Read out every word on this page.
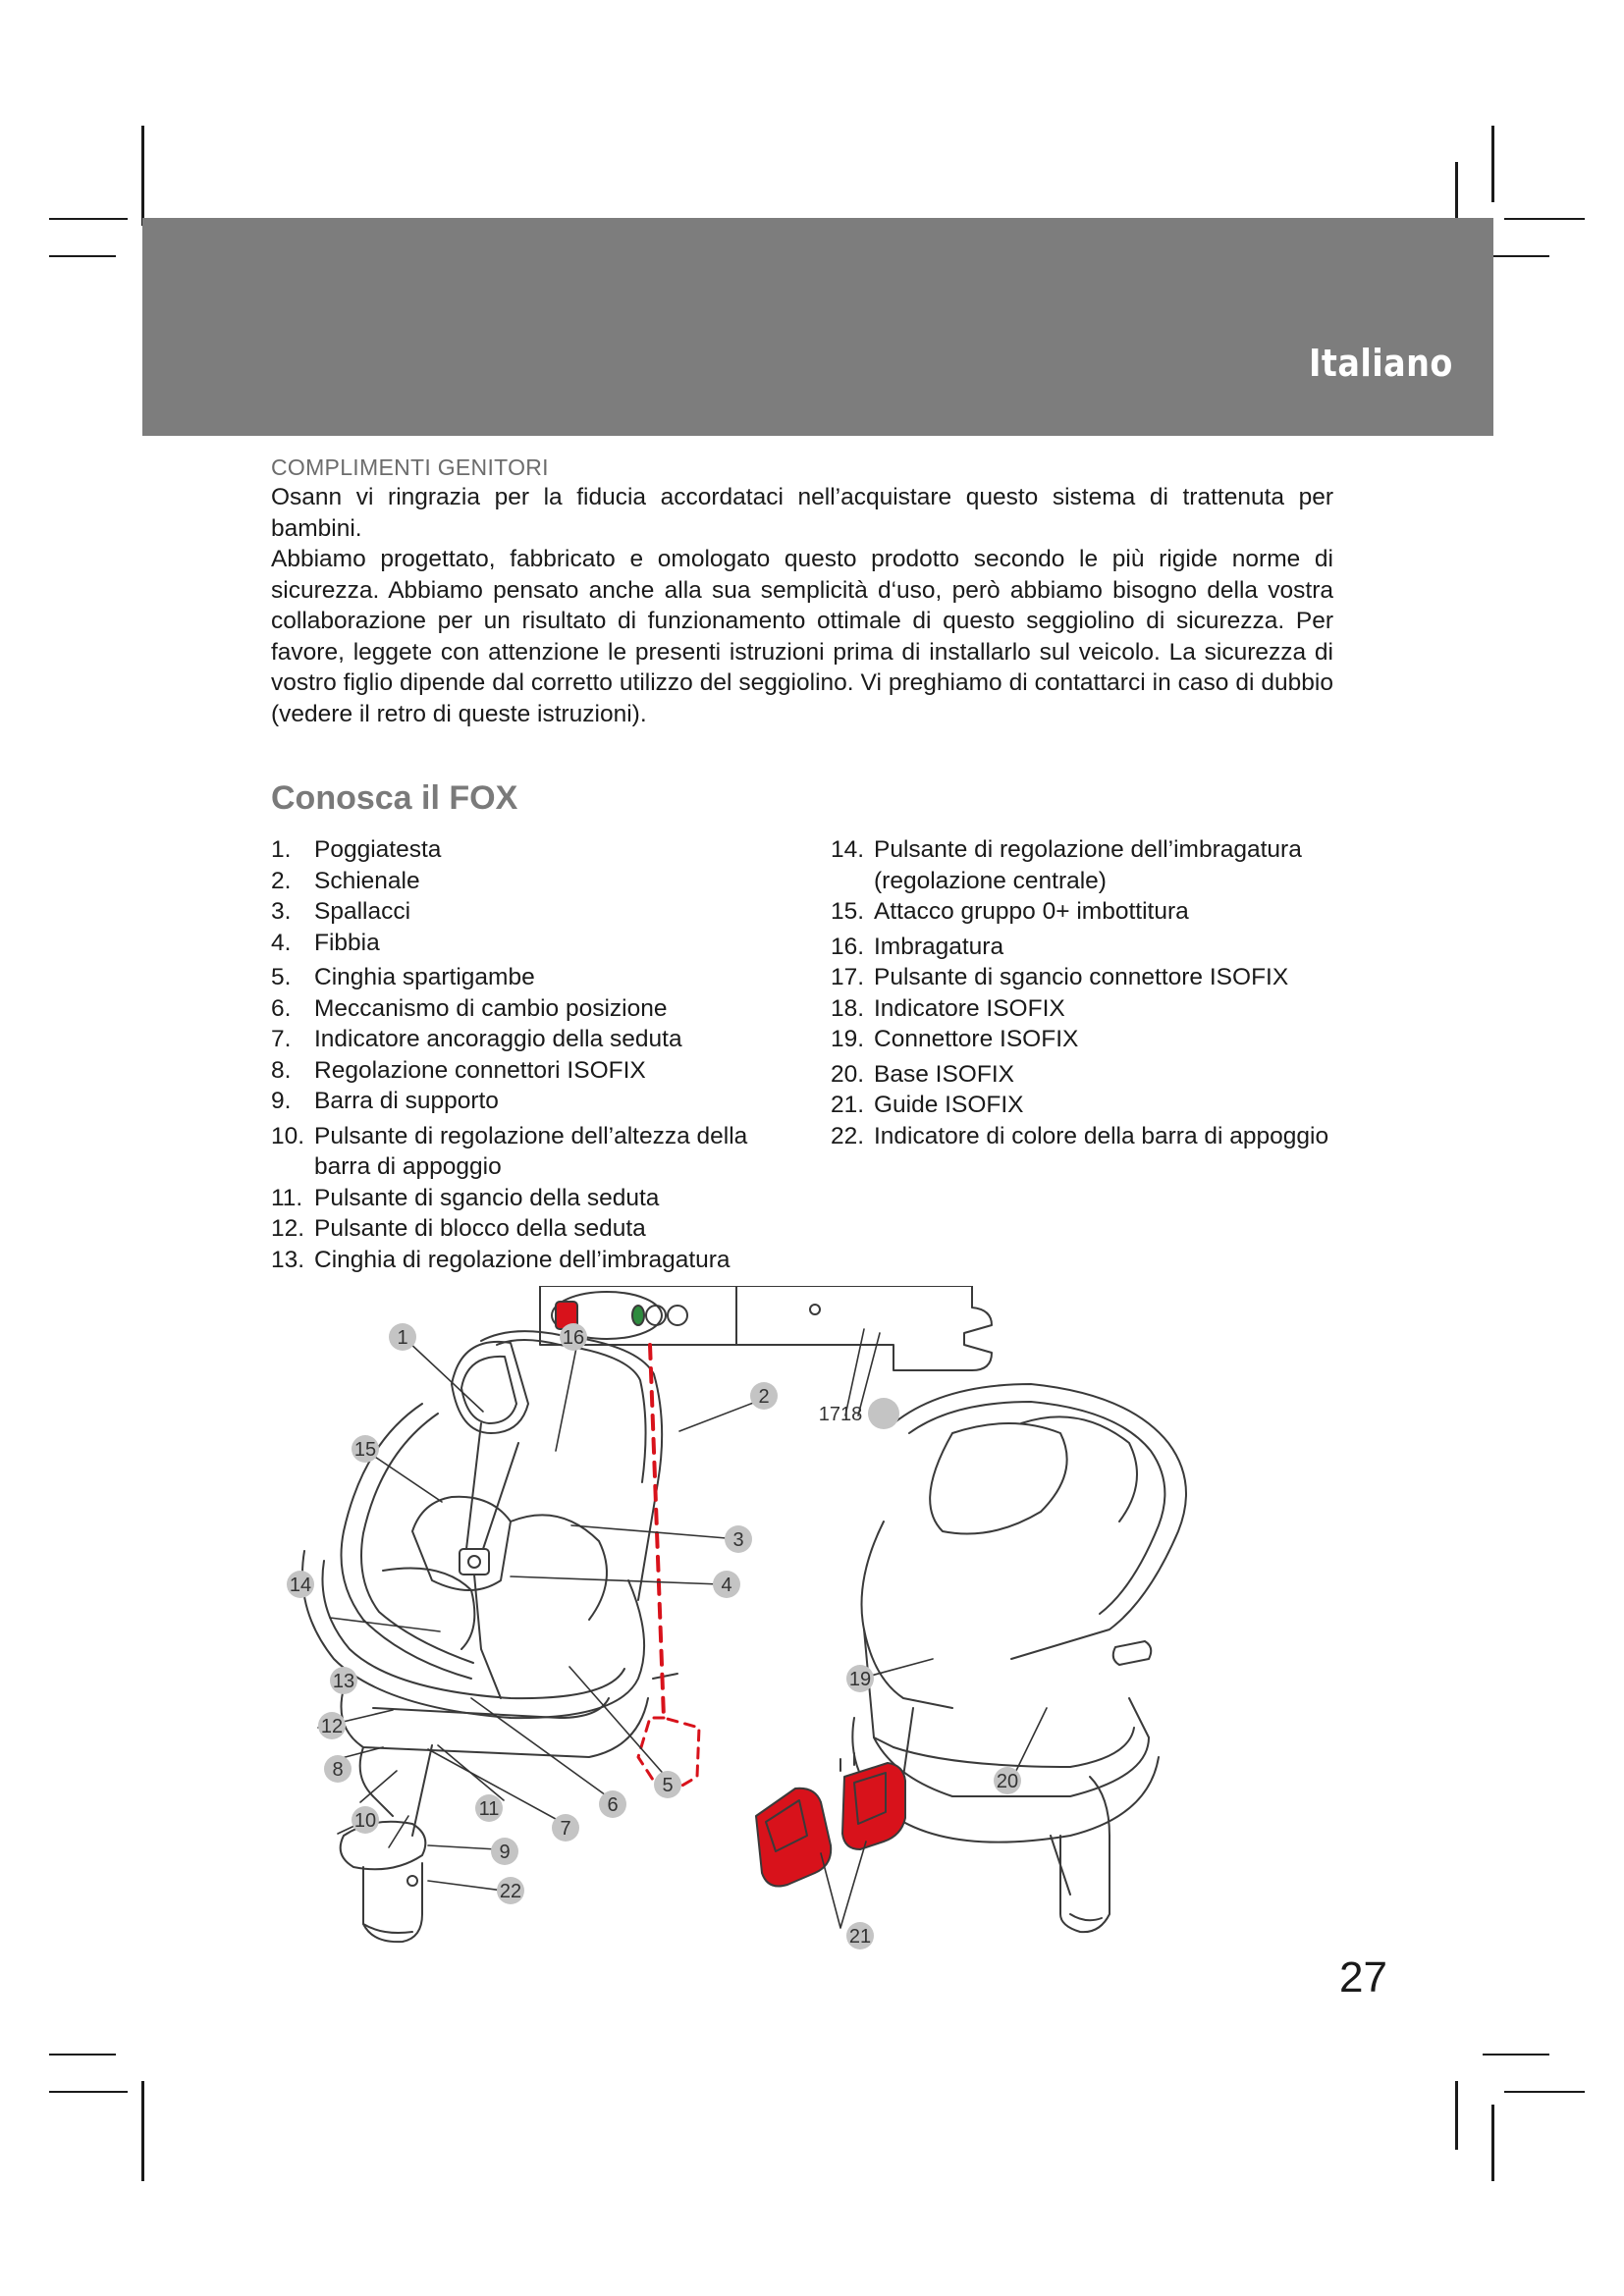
Italiano
COMPLIMENTI GENITORI

Osann vi ringrazia per la fiducia accordataci nell’acquistare questo sistema di trattenuta per bambini.

Abbiamo progettato, fabbricato e omologato questo prodotto secondo le più rigide norme di sicurezza. Abbiamo pensato anche alla sua semplicità d‘uso, però abbiamo bisogno della vostra collaborazione per un risultato di funzionamento ottimale di questo seggiolino di sicurezza. Per favore, leggete con attenzione le presenti istruzioni prima di installarlo sul veicolo. La sicurezza di vostro figlio dipende dal corretto utilizzo del seggiolino. Vi preghiamo di contattarci in caso di dubbio (vedere il retro di queste istruzioni).

Conosca il FOX
1. Poggiatesta
2. Schienale
3. Spallacci
4. Fibbia
5. Cinghia spartigambe
6. Meccanismo di cambio posizione
7. Indicatore ancoraggio della seduta
8. Regolazione connettori ISOFIX
9. Barra di supporto
10. Pulsante di regolazione dell’altezza della barra di appoggio
11. Pulsante di sgancio della seduta
12. Pulsante di blocco della seduta
13. Cinghia di regolazione dell’imbragatura
14. Pulsante di regolazione dell’imbragatura (regolazione centrale)
15. Attacco gruppo 0+ imbottitura
16. Imbragatura
17. Pulsante di sgancio connettore ISOFIX
18. Indicatore ISOFIX
19. Connettore ISOFIX
20. Base ISOFIX
21. Guide ISOFIX
22. Indicatore di colore della barra di appoggio
1	16
2
15
3
4
14
13
12
8
5
6
11
7
10
9
22
1718
19
20
21
27
